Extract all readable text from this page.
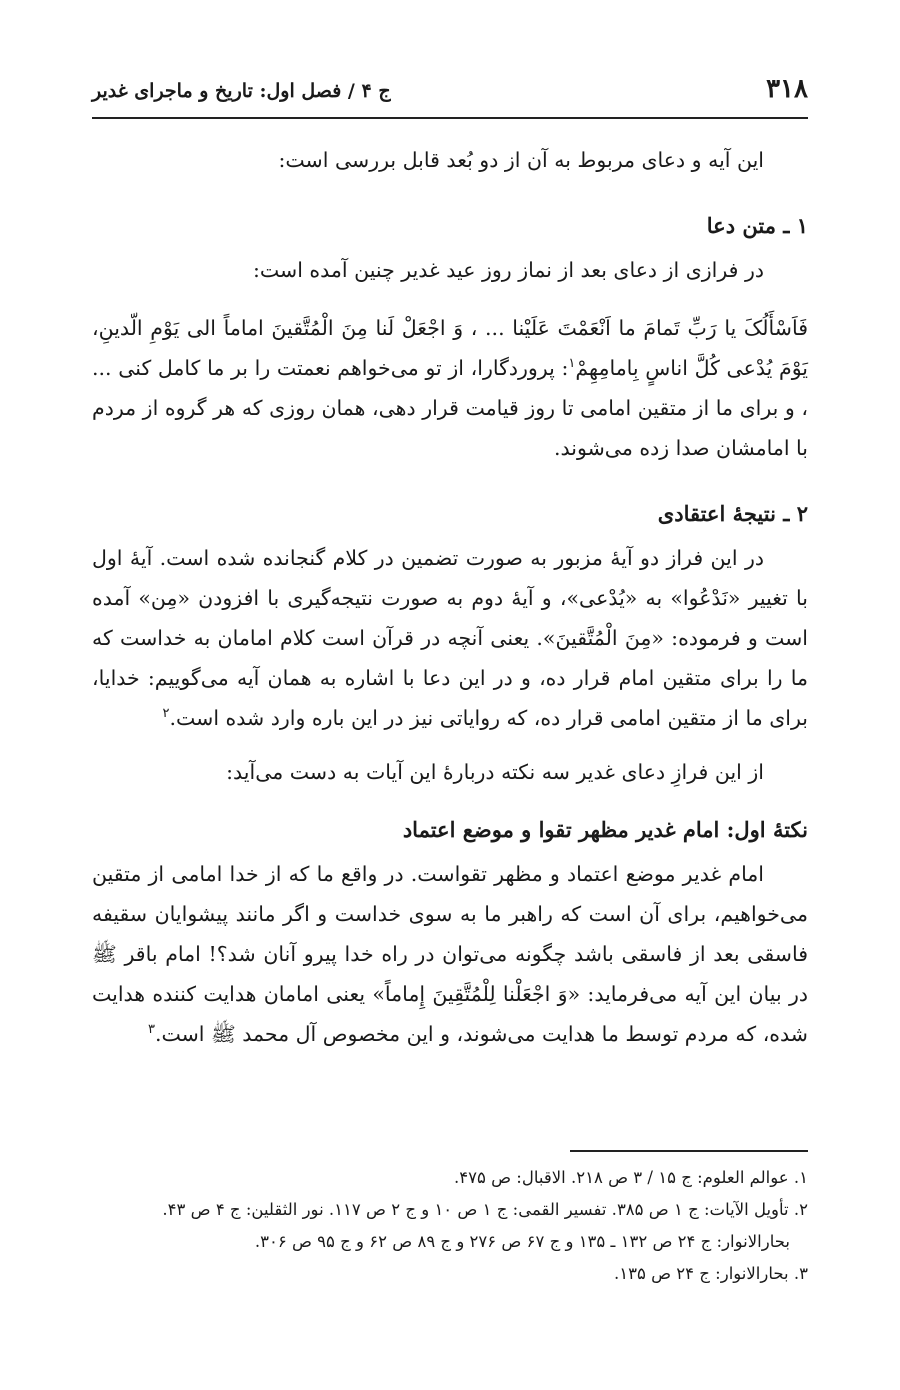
۳۱۸
ج ۴ / فصل اول: تاریخ و ماجرای غدیر

این آیه و دعای مربوط به آن از دو بُعد قابل بررسی است:

۱ ـ متن دعا

در فرازی از دعای بعد از نماز روز عید غدیر چنین آمده است:

فَاَسْأَلُکَ یا رَبِّ تَمامَ ما اَنْعَمْتَ عَلَیْنا ... ، وَ اجْعَلْ لَنا مِنَ الْمُتَّقینَ اماماً الی یَوْمِ الّدینِ، یَوْمَ یُدْعی کُلَّ اناسٍ بِامامِهِمْ$^۱$: پروردگارا، از تو می‌خواهم نعمتت را بر ما کامل کنی ... ، و برای ما از متقین امامی تا روز قیامت قرار دهی، همان روزی که هر گروه از مردم با امامشان صدا زده می‌شوند.

۲ ـ نتیجهٔ اعتقادی

در این فراز دو آیهٔ مزبور به صورت تضمین در کلام گنجانده شده است. آیهٔ اول با تغییر «نَدْعُوا» به «یُدْعی»، و آیهٔ دوم به صورت نتیجه‌گیری با افزودن «مِن» آمده است و فرموده: «مِنَ الْمُتَّقینَ». یعنی آنچه در قرآن است کلام امامان به خداست که ما را برای متقین امام قرار ده، و در این دعا با اشاره به همان آیه می‌گوییم: خدایا، برای ما از متقین امامی قرار ده، که روایاتی نیز در این باره وارد شده است.$^۲$

از این فرازِ دعای غدیر سه نکته دربارهٔ این آیات به دست می‌آید:

نکتهٔ اول: امام غدیر مظهر تقوا و موضع اعتماد

امام غدیر موضع اعتماد و مظهر تقواست. در واقع ما که از خدا امامی از متقین می‌خواهیم، برای آن است که راهبر ما به سوی خداست و اگر مانند پیشوایان سقیفه فاسقی بعد از فاسقی باشد چگونه می‌توان در راه خدا پیرو آنان شد؟! امام باقر ﷺ در بیان این آیه می‌فرماید: «وَ اجْعَلْنا لِلْمُتَّقِینَ إِماماً» یعنی امامان هدایت کننده هدایت شده، که مردم توسط ما هدایت می‌شوند، و این مخصوص آل محمد ﷺ است.$^۳$

۱. عوالم العلوم: ج ۱۵ / ۳ ص ۲۱۸. الاقبال: ص ۴۷۵.

۲. تأویل الآیات: ج ۱ ص ۳۸۵. تفسیر القمی: ج ۱ ص ۱۰ و ج ۲ ص ۱۱۷. نور الثقلین: ج ۴ ص ۴۳.

بحارالانوار: ج ۲۴ ص ۱۳۲ ـ ۱۳۵ و ج ۶۷ ص ۲۷۶ و ج ۸۹ ص ۶۲ و ج ۹۵ ص ۳۰۶.

۳. بحارالانوار: ج ۲۴ ص ۱۳۵.
